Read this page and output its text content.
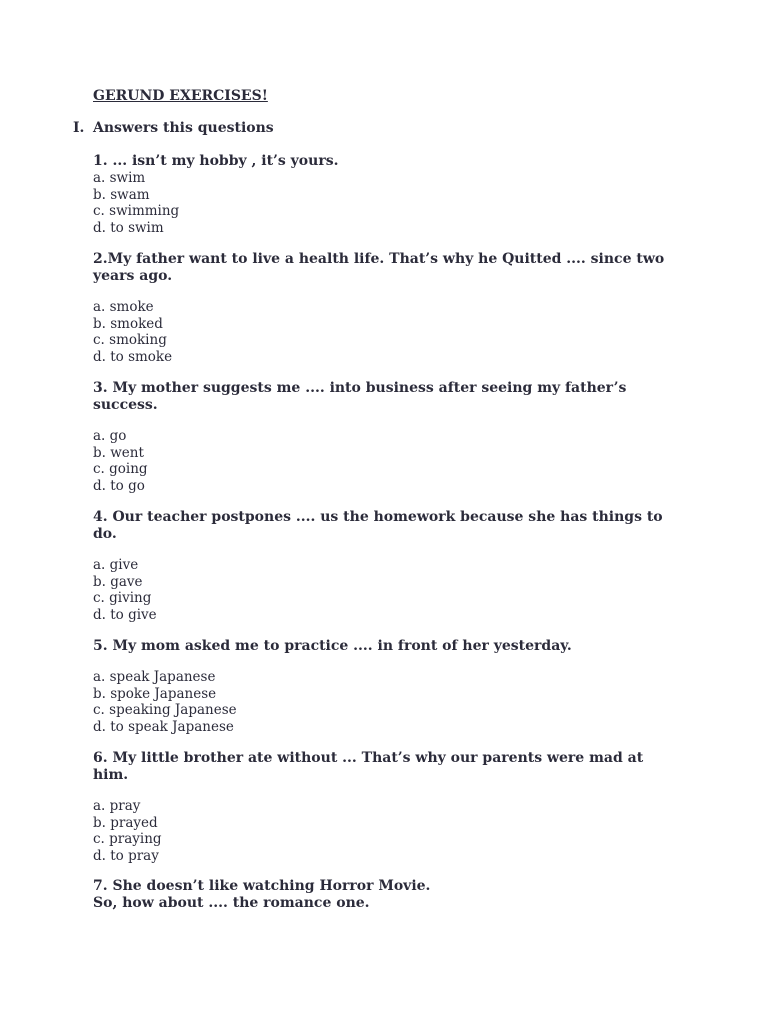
GERUND EXERCISES!
I. Answers this questions

1. ... isn’t my hobby , it’s yours.

a. swim
b. swam
c. swimming
d. to swim

2.My father want to live a health life. That’s why he Quitted .... since two years ago.

a. smoke
b. smoked
c. smoking
d. to smoke

3. My mother suggests me .... into business after seeing my father’s success.

a. go
b. went
c. going
d. to go

4. Our teacher postpones .... us the homework because she has things to do.

a. give
b. gave
c. giving
d. to give

5. My mom asked me to practice .... in front of her yesterday.

a. speak Japanese
b. spoke Japanese
c. speaking Japanese
d. to speak Japanese

6. My little brother ate without ... That’s why our parents were mad at him.

a. pray
b. prayed
c. praying
d. to pray

7. She doesn’t like watching Horror Movie.

So, how about .... the romance one.
